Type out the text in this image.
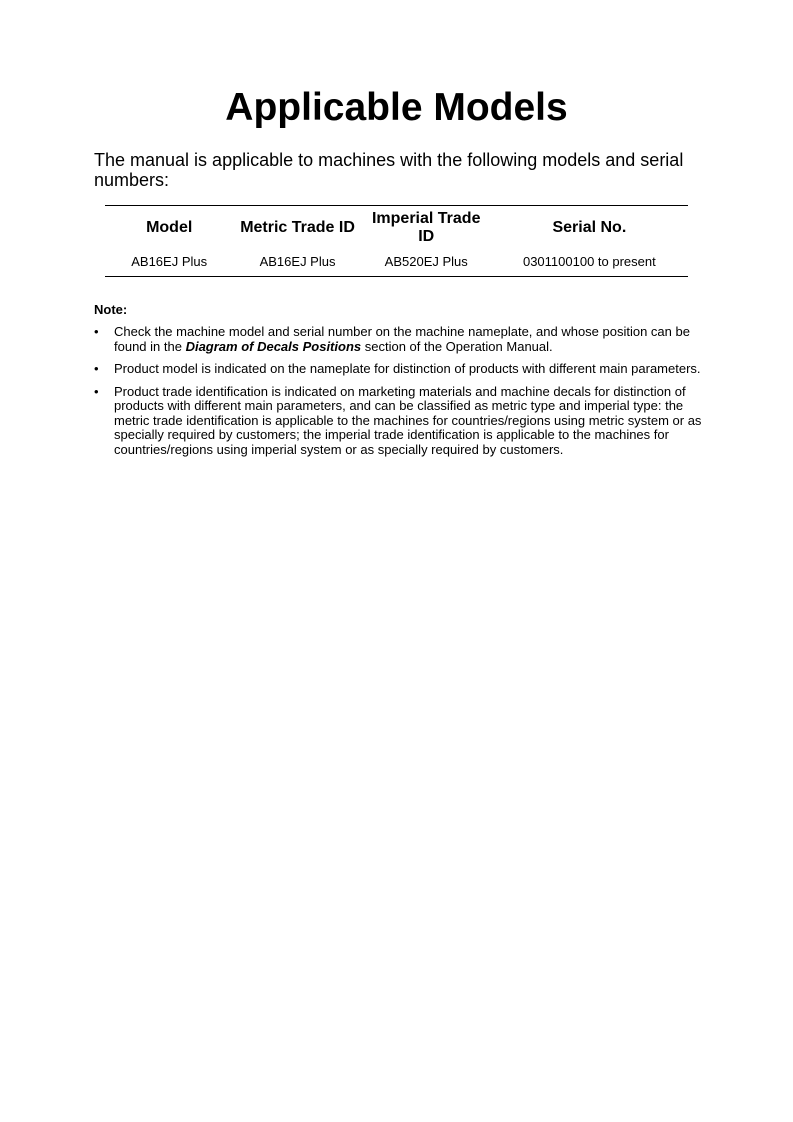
Applicable Models

The manual is applicable to machines with the following models and serial numbers:

Model	Metric Trade ID	Imperial Trade ID	Serial No.
AB16EJ Plus	AB16EJ Plus	AB520EJ Plus	0301100100 to present

Note:

•	Check the machine model and serial number on the machine nameplate, and whose position can be found in the Diagram of Decals Positions section of the Operation Manual.
•	Product model is indicated on the nameplate for distinction of products with different main parameters.
•	Product trade identification is indicated on marketing materials and machine decals for distinction of products with different main parameters, and can be classified as metric type and imperial type: the metric trade identification is applicable to the machines for countries/regions using metric system or as specially required by customers; the imperial trade identification is applicable to the machines for countries/regions using imperial system or as specially required by customers.
